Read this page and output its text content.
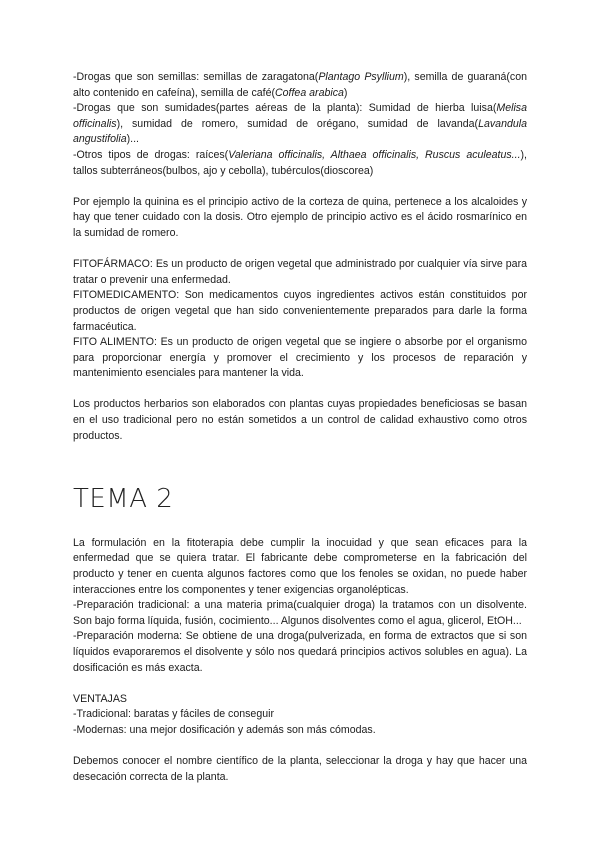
-Drogas que son semillas: semillas de zaragatona(Plantago Psyllium), semilla de guaraná(con alto contenido en cafeína), semilla de café(Coffea arabica)

-Drogas que son sumidades(partes aéreas de la planta): Sumidad de hierba luisa(Melisa officinalis), sumidad de romero, sumidad de orégano, sumidad de lavanda(Lavandula angustifolia)...

-Otros tipos de drogas: raíces(Valeriana officinalis, Althaea officinalis, Ruscus aculeatus...), tallos subterráneos(bulbos, ajo y cebolla), tubérculos(dioscorea)

Por ejemplo la quinina es el principio activo de la corteza de quina, pertenece a los alcaloides y hay que tener cuidado con la dosis. Otro ejemplo de principio activo es el ácido rosmarínico en la sumidad de romero.

FITOFÁRMACO: Es un producto de origen vegetal que administrado por cualquier vía sirve para tratar o prevenir una enfermedad.

FITOMEDICAMENTO: Son medicamentos cuyos ingredientes activos están constituidos por productos de origen vegetal que han sido convenientemente preparados para darle la forma farmacéutica.

FITO ALIMENTO: Es un producto de origen vegetal que se ingiere o absorbe por el organismo para proporcionar energía y promover el crecimiento y los procesos de reparación y mantenimiento esenciales para mantener la vida.

Los productos herbarios son elaborados con plantas cuyas propiedades beneficiosas se basan en el uso tradicional pero no están sometidos a un control de calidad exhaustivo como otros productos.

TEMA 2

La formulación en la fitoterapia debe cumplir la inocuidad y que sean eficaces para la enfermedad que se quiera tratar. El fabricante debe comprometerse en la fabricación del producto y tener en cuenta algunos factores como que los fenoles se oxidan, no puede haber interacciones entre los componentes y tener exigencias organolépticas.

-Preparación tradicional: a una materia prima(cualquier droga) la tratamos con un disolvente. Son bajo forma líquida, fusión, cocimiento... Algunos disolventes como el agua, glicerol, EtOH...

-Preparación moderna: Se obtiene de una droga(pulverizada, en forma de extractos que si son líquidos evaporaremos el disolvente y sólo nos quedará principios activos solubles en agua). La dosificación es más exacta.

VENTAJAS

-Tradicional: baratas y fáciles de conseguir

-Modernas: una mejor dosificación y además son más cómodas.

Debemos conocer el nombre científico de la planta, seleccionar la droga y hay que hacer una desecación correcta de la planta.
